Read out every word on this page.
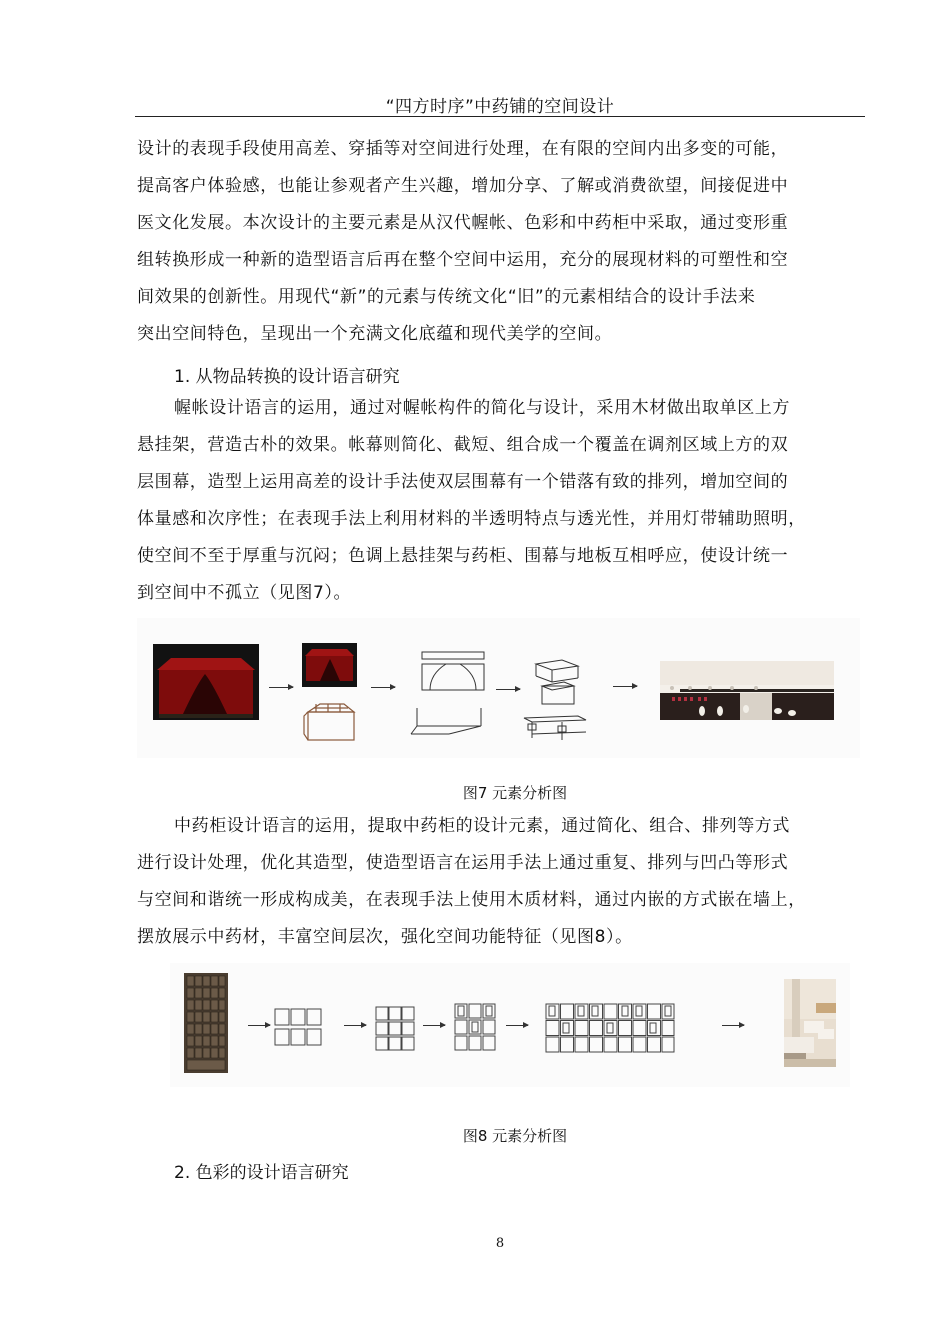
“四方时序”中药铺的空间设计
设计的表现手段使用高差、穿插等对空间进行处理，在有限的空间内出多变的可能，
提高客户体验感，也能让参观者产生兴趣，增加分享、了解或消费欲望，间接促进中
医文化发展。本次设计的主要元素是从汉代幄帐、色彩和中药柜中采取，通过变形重
组转换形成一种新的造型语言后再在整个空间中运用，充分的展现材料的可塑性和空
间效果的创新性。用现代“新”的元素与传统文化“旧”的元素相结合的设计手法来
突出空间特色，呈现出一个充满文化底蕴和现代美学的空间。
1. 从物品转换的设计语言研究
幄帐设计语言的运用，通过对幄帐构件的简化与设计，采用木材做出取单区上方
悬挂架，营造古朴的效果。帐幕则简化、截短、组合成一个覆盖在调剂区域上方的双
层围幕，造型上运用高差的设计手法使双层围幕有一个错落有致的排列，增加空间的
体量感和次序性；在表现手法上利用材料的半透明特点与透光性，并用灯带辅助照明，
使空间不至于厚重与沉闷；色调上悬挂架与药柜、围幕与地板互相呼应，使设计统一
到空间中不孤立（见图7）。
图7 元素分析图
中药柜设计语言的运用，提取中药柜的设计元素，通过简化、组合、排列等方式
进行设计处理，优化其造型，使造型语言在运用手法上通过重复、排列与凹凸等形式
与空间和谐统一形成构成美，在表现手法上使用木质材料，通过内嵌的方式嵌在墙上，
摆放展示中药材，丰富空间层次，强化空间功能特征（见图8）。
图8 元素分析图
2. 色彩的设计语言研究
8
